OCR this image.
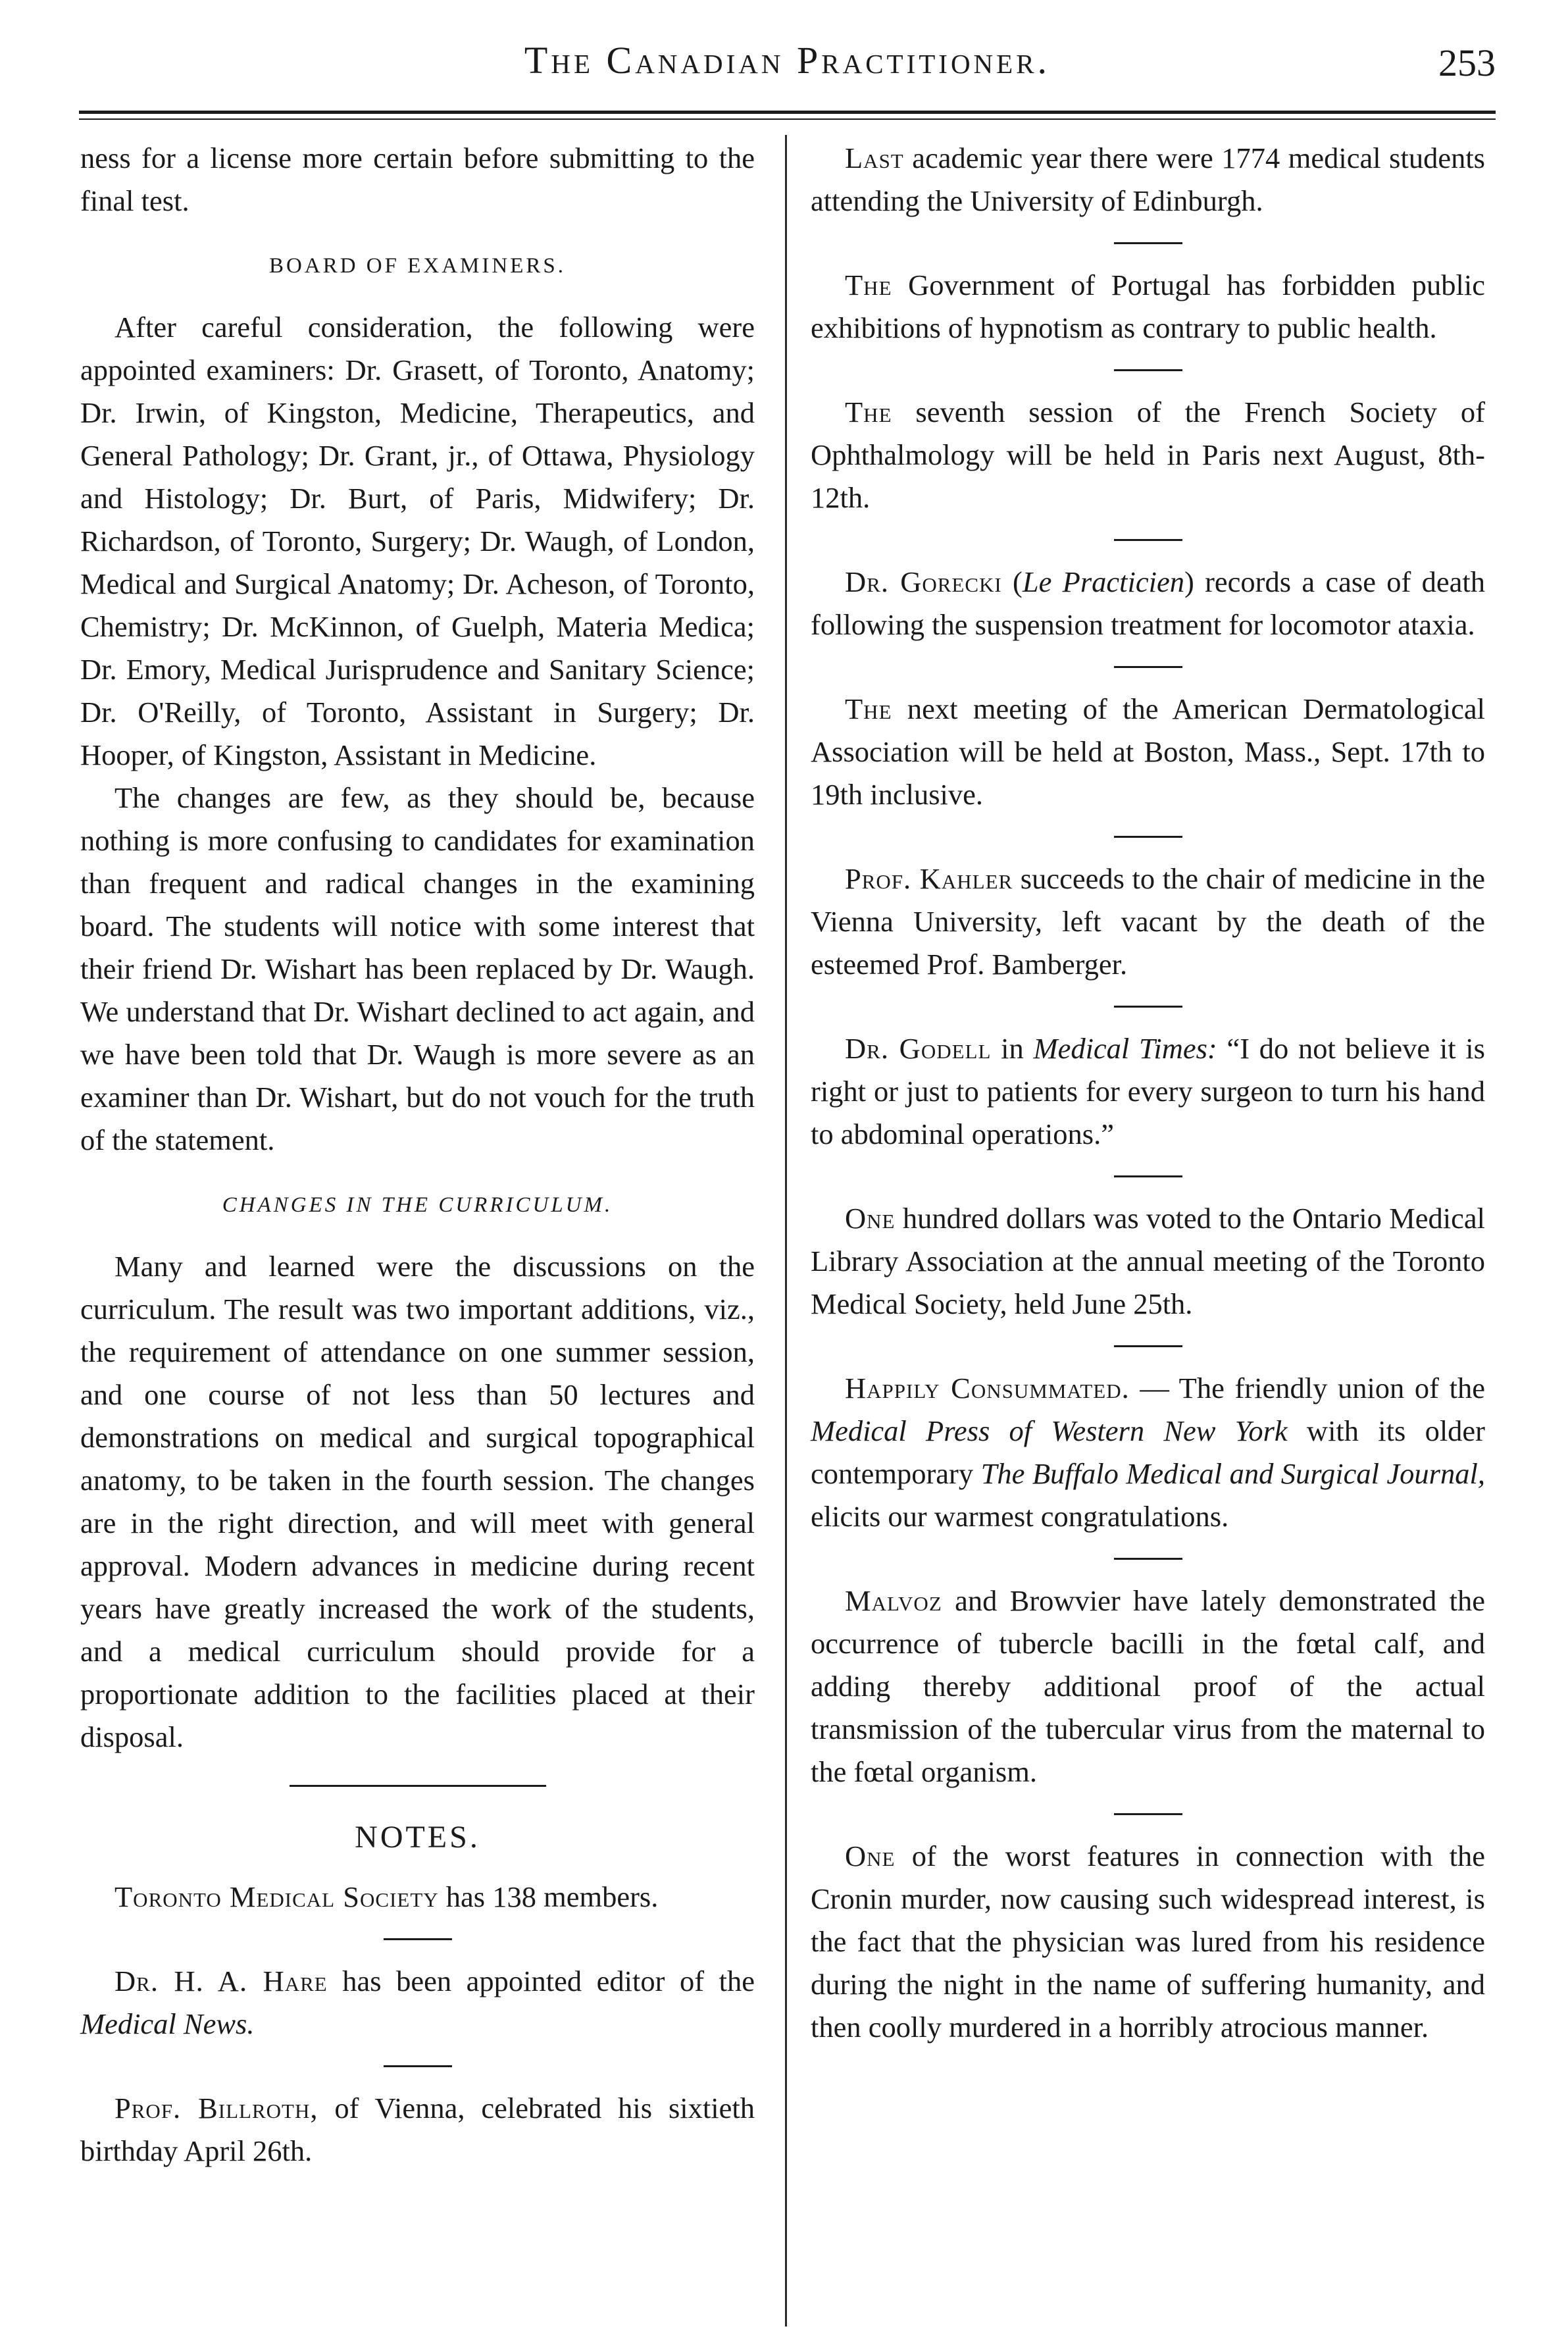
The Canadian Practitioner.	253

ness for a license more certain before submitting to the final test.

BOARD OF EXAMINERS.

After careful consideration, the following were appointed examiners: Dr. Grasett, of Toronto, Anatomy; Dr. Irwin, of Kingston, Medicine, Therapeutics, and General Pathology; Dr. Grant, jr., of Ottawa, Physiology and Histology; Dr. Burt, of Paris, Midwifery; Dr. Richardson, of Toronto, Surgery; Dr. Waugh, of London, Medical and Surgical Anatomy; Dr. Acheson, of Toronto, Chemistry; Dr. McKinnon, of Guelph, Materia Medica; Dr. Emory, Medical Jurisprudence and Sanitary Science; Dr. O'Reilly, of Toronto, Assistant in Surgery; Dr. Hooper, of Kingston, Assistant in Medicine.

The changes are few, as they should be, because nothing is more confusing to candidates for examination than frequent and radical changes in the examining board. The students will notice with some interest that their friend Dr. Wishart has been replaced by Dr. Waugh. We understand that Dr. Wishart declined to act again, and we have been told that Dr. Waugh is more severe as an examiner than Dr. Wishart, but do not vouch for the truth of the statement.

CHANGES IN THE CURRICULUM.

Many and learned were the discussions on the curriculum. The result was two important additions, viz., the requirement of attendance on one summer session, and one course of not less than 50 lectures and demonstrations on medical and surgical topographical anatomy, to be taken in the fourth session. The changes are in the right direction, and will meet with general approval. Modern advances in medicine during recent years have greatly increased the work of the students, and a medical curriculum should provide for a proportionate addition to the facilities placed at their disposal.

NOTES.

Toronto Medical Society has 138 members.

Dr. H. A. Hare has been appointed editor of the Medical News.

Prof. Billroth, of Vienna, celebrated his sixtieth birthday April 26th.

Last academic year there were 1774 medical students attending the University of Edinburgh.

The Government of Portugal has forbidden public exhibitions of hypnotism as contrary to public health.

The seventh session of the French Society of Ophthalmology will be held in Paris next August, 8th-12th.

Dr. Gorecki (Le Practicien) records a case of death following the suspension treatment for locomotor ataxia.

The next meeting of the American Dermatological Association will be held at Boston, Mass., Sept. 17th to 19th inclusive.

Prof. Kahler succeeds to the chair of medicine in the Vienna University, left vacant by the death of the esteemed Prof. Bamberger.

Dr. Godell in Medical Times: “I do not believe it is right or just to patients for every surgeon to turn his hand to abdominal operations.”

One hundred dollars was voted to the Ontario Medical Library Association at the annual meeting of the Toronto Medical Society, held June 25th.

Happily Consummated. — The friendly union of the Medical Press of Western New York with its older contemporary The Buffalo Medical and Surgical Journal, elicits our warmest congratulations.

Malvoz and Browvier have lately demonstrated the occurrence of tubercle bacilli in the fœtal calf, and adding thereby additional proof of the actual transmission of the tubercular virus from the maternal to the fœtal organism.

One of the worst features in connection with the Cronin murder, now causing such widespread interest, is the fact that the physician was lured from his residence during the night in the name of suffering humanity, and then coolly murdered in a horribly atrocious manner.
